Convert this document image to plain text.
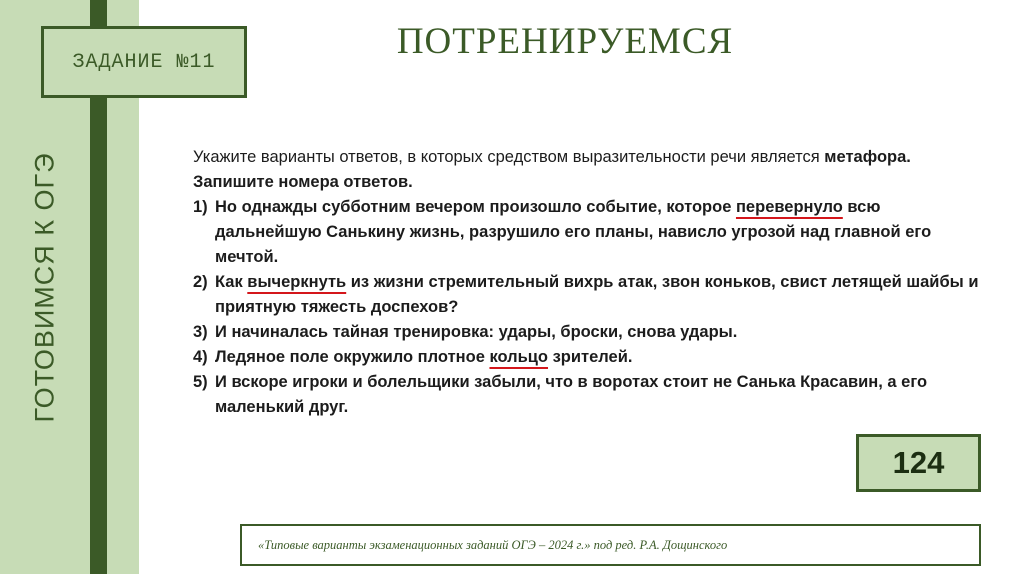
ГОТОВИМСЯ К ОГЭ
ЗАДАНИЕ №11	ПОТРЕНИРУЕМСЯ

Укажите варианты ответов, в которых средством выразительности речи является метафора. Запишите номера ответов.

1) Но однажды субботним вечером произошло событие, которое перевернуло всю дальнейшую Санькину жизнь, разрушило его планы, нависло угрозой над главной его мечтой.
2) Как вычеркнуть из жизни стремительный вихрь атак, звон коньков, свист летящей шайбы и приятную тяжесть доспехов?
3) И начиналась тайная тренировка: удары, броски, снова удары.
4) Ледяное поле окружило плотное кольцо зрителей.
5) И вскоре игроки и болельщики забыли, что в воротах стоит не Санька Красавин, а его маленький друг.
124
«Типовые варианты экзаменационных заданий ОГЭ – 2024 г.» под ред. Р.А. Дощинского
